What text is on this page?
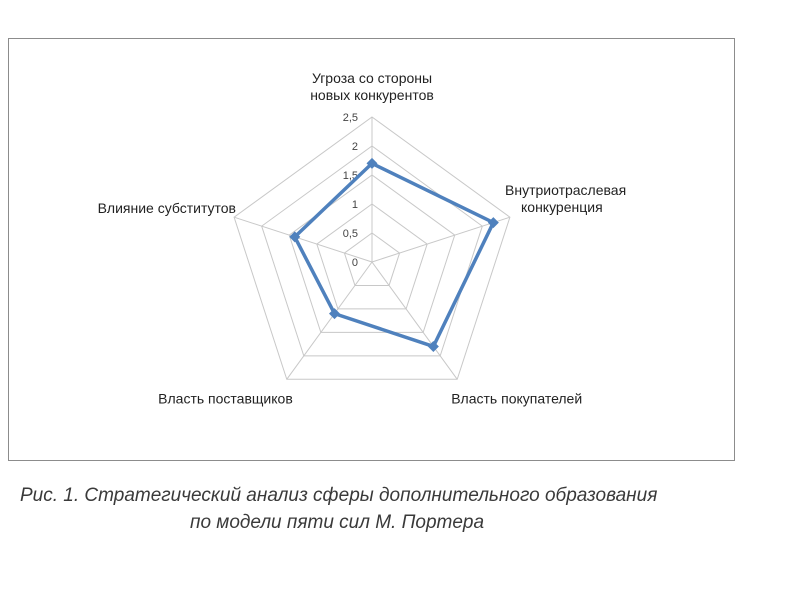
0
0,5
1
1,5
2
2,5
Угроза со стороны
новых конкурентов
Внутриотраслевая
конкуренция
Власть покупателей
Власть поставщиков
Влияние субститутов
Рис. 1. Стратегический анализ сферы дополнительного образования
по модели пяти сил М. Портера
